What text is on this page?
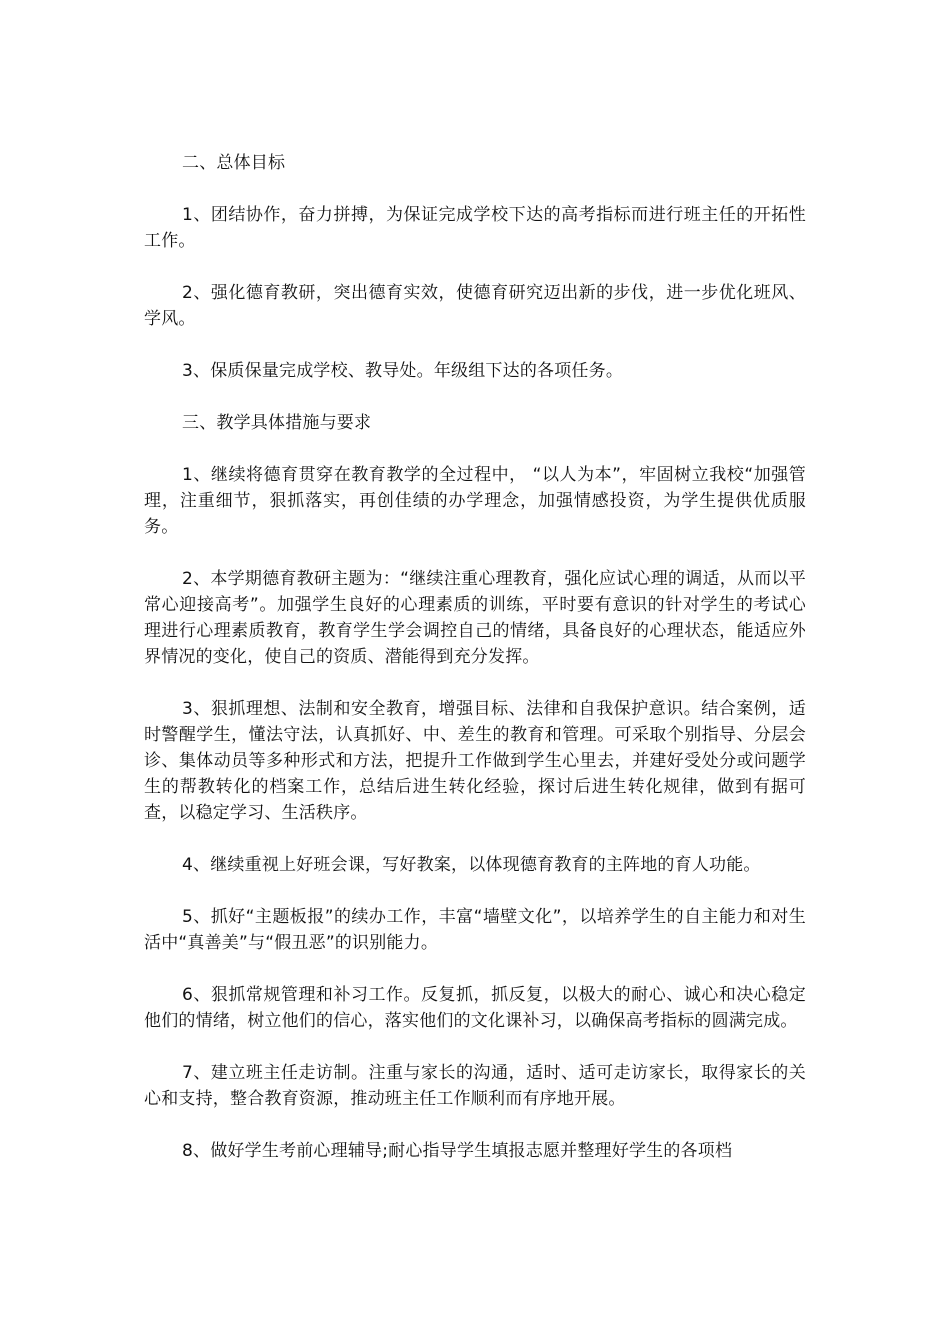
二、总体目标

1、团结协作，奋力拼搏，为保证完成学校下达的高考指标而进行班主任的开拓性工作。

2、强化德育教研，突出德育实效，使德育研究迈出新的步伐，进一步优化班风、学风。

3、保质保量完成学校、教导处。年级组下达的各项任务。

三、教学具体措施与要求

1、继续将德育贯穿在教育教学的全过程中， “以人为本”，牢固树立我校“加强管理，注重细节，狠抓落实，再创佳绩的办学理念，加强情感投资，为学生提供优质服务。

2、本学期德育教研主题为：“继续注重心理教育，强化应试心理的调适，从而以平常心迎接高考”。加强学生良好的心理素质的训练，平时要有意识的针对学生的考试心理进行心理素质教育，教育学生学会调控自己的情绪，具备良好的心理状态，能适应外界情况的变化，使自己的资质、潜能得到充分发挥。

3、狠抓理想、法制和安全教育，增强目标、法律和自我保护意识。结合案例，适时警醒学生，懂法守法，认真抓好、中、差生的教育和管理。可采取个别指导、分层会诊、集体动员等多种形式和方法，把提升工作做到学生心里去，并建好受处分或问题学生的帮教转化的档案工作，总结后进生转化经验，探讨后进生转化规律，做到有据可查，以稳定学习、生活秩序。

4、继续重视上好班会课，写好教案，以体现德育教育的主阵地的育人功能。

5、抓好“主题板报”的续办工作，丰富“墙壁文化”，以培养学生的自主能力和对生活中“真善美”与“假丑恶”的识别能力。

6、狠抓常规管理和补习工作。反复抓，抓反复，以极大的耐心、诚心和决心稳定他们的情绪，树立他们的信心，落实他们的文化课补习，以确保高考指标的圆满完成。

7、建立班主任走访制。注重与家长的沟通，适时、适可走访家长，取得家长的关心和支持，整合教育资源，推动班主任工作顺利而有序地开展。

8、做好学生考前心理辅导;耐心指导学生填报志愿并整理好学生的各项档
